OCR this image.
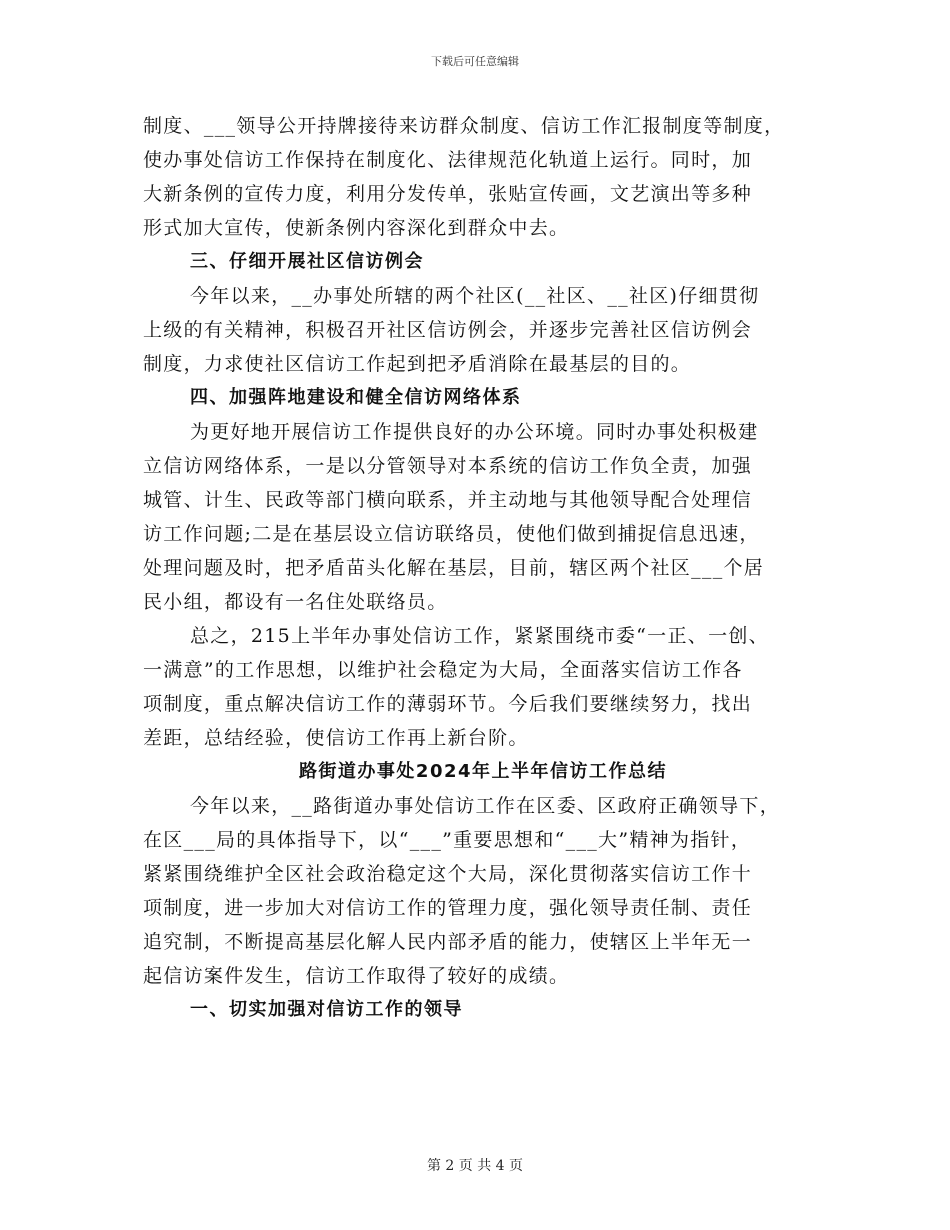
下载后可任意编辑
制度、___领导公开持牌接待来访群众制度、信访工作汇报制度等制度，
使办事处信访工作保持在制度化、法律规范化轨道上运行。同时，加
大新条例的宣传力度，利用分发传单，张贴宣传画，文艺演出等多种
形式加大宣传，使新条例内容深化到群众中去。
三、仔细开展社区信访例会
今年以来，__办事处所辖的两个社区(__社区、__社区)仔细贯彻
上级的有关精神，积极召开社区信访例会，并逐步完善社区信访例会
制度，力求使社区信访工作起到把矛盾消除在最基层的目的。
四、加强阵地建设和健全信访网络体系
为更好地开展信访工作提供良好的办公环境。同时办事处积极建
立信访网络体系，一是以分管领导对本系统的信访工作负全责，加强
城管、计生、民政等部门横向联系，并主动地与其他领导配合处理信
访工作问题;二是在基层设立信访联络员，使他们做到捕捉信息迅速，
处理问题及时，把矛盾苗头化解在基层，目前，辖区两个社区___个居
民小组，都设有一名住处联络员。
总之，215上半年办事处信访工作，紧紧围绕市委“一正、一创、
一满意”的工作思想，以维护社会稳定为大局，全面落实信访工作各
项制度，重点解决信访工作的薄弱环节。今后我们要继续努力，找出
差距，总结经验，使信访工作再上新台阶。
路街道办事处2024年上半年信访工作总结
今年以来，__路街道办事处信访工作在区委、区政府正确领导下，
在区___局的具体指导下，以“___”重要思想和“___大”精神为指针，
紧紧围绕维护全区社会政治稳定这个大局，深化贯彻落实信访工作十
项制度，进一步加大对信访工作的管理力度，强化领导责任制、责任
追究制，不断提高基层化解人民内部矛盾的能力，使辖区上半年无一
起信访案件发生，信访工作取得了较好的成绩。
一、切实加强对信访工作的领导
第 2 页 共 4 页
